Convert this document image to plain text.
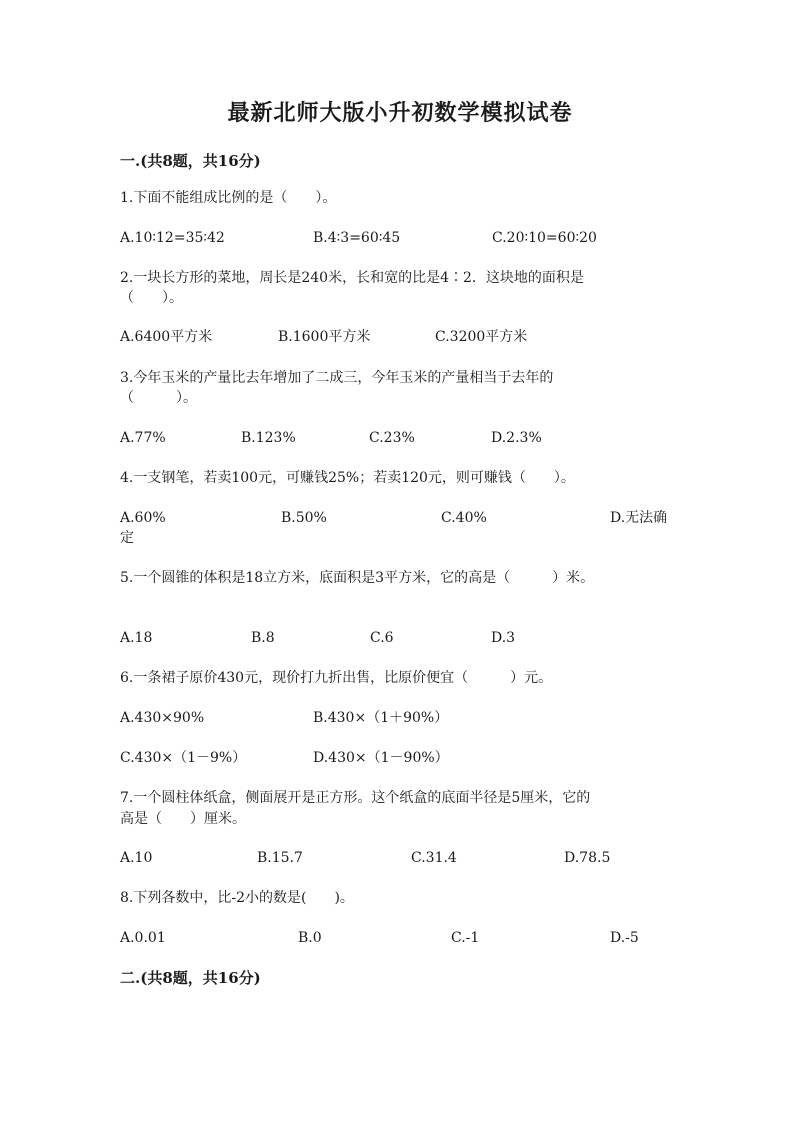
最新北师大版小升初数学模拟试卷
一.(共8题，共16分)
1.下面不能组成比例的是（　　）。
A.10∶12=35∶42	B.4∶3=60∶45	C.20∶10=60∶20
2.一块长方形的菜地，周长是240米，长和宽的比是4∶2．这块地的面积是
（　　）。
A.6400平方米	B.1600平方米	C.3200平方米
3.今年玉米的产量比去年增加了二成三，今年玉米的产量相当于去年的
（　　　）。
A.77%	B.123%	C.23%	D.2.3%
4.一支钢笔，若卖100元，可赚钱25%；若卖120元，则可赚钱（　　）。
A.60%	B.50%	C.40%	D.无法确
定
5.一个圆锥的体积是18立方米，底面积是3平方米，它的高是（　　　）米。
A.18	B.8	C.6	D.3
6.一条裙子原价430元，现价打九折出售，比原价便宜（　　　）元。
A.430×90%	B.430×（1＋90%）
C.430×（1－9%）	D.430×（1－90%）
7.一个圆柱体纸盒，侧面展开是正方形。这个纸盒的底面半径是5厘米，它的
高是（　　）厘米。
A.10	B.15.7	C.31.4	D.78.5
8.下列各数中，比-2小的数是(　　)。
A.0.01	B.0	C.-1	D.-5
二.(共8题，共16分)
